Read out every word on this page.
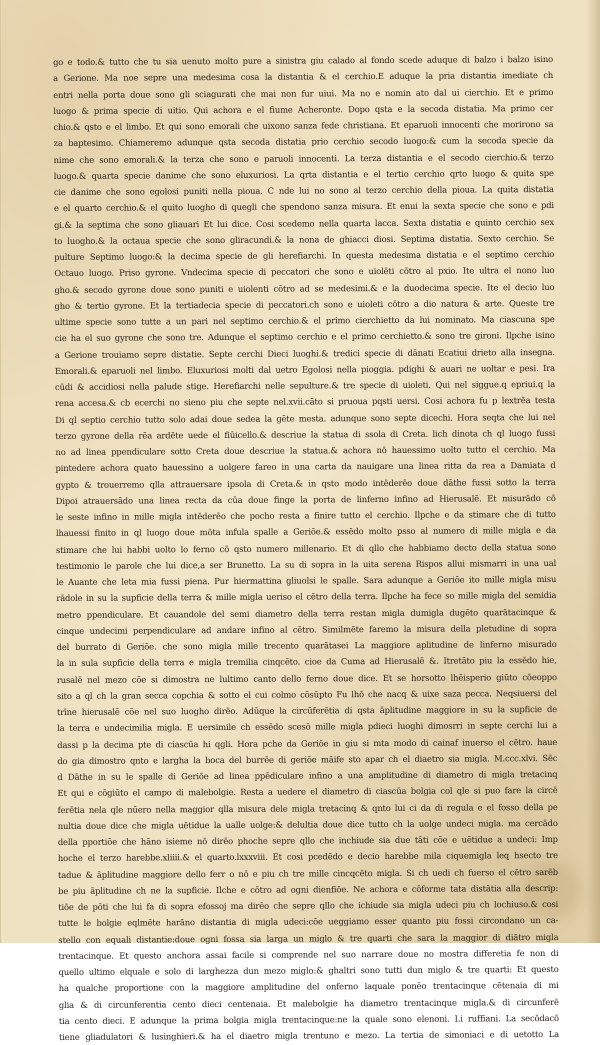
go e todo.& tutto che tu sia uenuto molto pure a sinistra giu calado al fondo scede aduque di balzo i balzo isino
a Gerione. Ma noe sepre una medesima cosa la distantia & el cerchio.E aduque la pria distantia imediate ch
entri nella porta doue sono gli sciagurati che mai non fur uiui. Ma no e nomin ato dal ui cierchio. Et e primo
luogo & prima specie di uitio. Qui achora e el fiume Acheronte. Dopo qsta e la secoda distatia. Ma primo cer
chio.& qsto e el limbo. Et qui sono emorali che uixono sanza fede christiana. Et eparuoli innocenti che morirono sa
za baptesimo. Chiameremo adunque qsta secoda distatia prio cerchio secodo luogo:& cum la secoda specie da
nime che sono emorali.& la terza che sono e paruoli innocenti. La terza distantia e el secodo cierchio.& terzo
luogo.& quarta specie danime che sono eluxuriosi. La qrta distantia e el tertio cerchio qrto luogo & quita spe
cie danime che sono egolosi puniti nella pioua. C nde lui no sono al terzo cerchio della pioua. La quita distatia
e el quarto cerchio.& el quito luogho di quegli che spendono sanza misura. Et enui la sexta specie che sono e pdi
gi.& la septima che sono gliauari Et lui dice. Cosi scedemo nella quarta lacca. Sexta distatia e quinto cerchio sex
to luogho.& la octaua specie che sono gliracundi.& la nona de ghiacci diosi. Septima distatia. Sexto cerchio. Se
pulture Septimo luogo:& la decima specie de gli herefiarchi. In questa medesima distatia e el septimo cerchio
Octauo luogo. Priso gyrone. Vndecima specie di peccatori che sono e uiolēti cōtro al pxio. Ite ultra el nono luo
gho.& secodo gyrone doue sono puniti e uiolenti cōtro ad se medesimi.& e la duodecima specie. Ite el decio luo
gho & tertio gyrone. Et la tertiadecia specie di peccatori.ch sono e uioleti cōtro a dio natura & arte. Queste tre
ultime specie sono tutte a un pari nel septimo cerchio.& el primo cierchietto da lui nominato. Ma ciascuna spe
cie ha el suo gyrone che sono tre. Adunque el septimo cerchio e el primo cerchietto.& sono tre gironi. Ilpche isino
a Gerione trouiamo sepre distatie. Septe cerchi Dieci luoghi.& tredici specie di dānati Ecatiui drieto alla insegna.
Emorali.& eparuoli nel limbo. Eluxuriosi molti dal uetro Egolosi nella pioggia. pdighi & auari ne uoltar e pesi. Ira
cūdi & accidiosi nella palude stige. Herefiarchi nelle sepulture.& tre specie di uioleti. Qui nel siggue.q epriui.q la
rena accesa.& cb ecerchi no sieno piu che septe nel.xvii.cāto si pruoua pqsti uersi. Cosi achora fu p lextrēa testa
Di ql septio cerchio tutto solo adai doue sedea la gēte mesta. adunque sono septe dicechi. Hora seqta che lui nel
terzo gyrone della rēa ardēte uede el fiūicello.& descriue la statua di ssola di Creta. lich dinota ch ql luogo fussi
no ad linea ppendiculare sotto Creta doue descriue la statua.& achora nō hauessimo uolto tutto el cerchio. Ma
pintedere achora quato hauessino a uolgere fareo in una carta da nauigare una linea ritta da rea a Damiata d
gypto & trouerremo qlla attrauersare ipsola di Creta.& in qsto modo intēderēo doue dāthe fussi sotto la terra
Dipoi atrauersādo una linea recta da cūa doue finge la porta de linferno infino ad Hierusalē. Et misurādo cō
le seste infino in mille migla intēderēo che pocho resta a finire tutto el cerchio. Ilpche e da stimare che di tutto
lhauessi finito in ql luogo doue mōta infula spalle a Geriōe.& essēdo molto psso al numero di mille migla e da
stimare che lui habbi uolto lo ferno cō qsto numero millenario. Et di qllo che habbiamo decto della statua sono
testimonio le parole che lui dice,a ser Brunetto. La su di sopra in la uita serena Rispos allui mismarri in una ual
le Auante che leta mia fussi piena. Pur hiermattina gliuolsi le spalle. Sara adunque a Geriōe ito mille migla misu
rādole in su la supficie della terra & mille migla ueriso el cētro della terra. Ilpche ha fece so mille migla del semidia
metro ppendiculare. Et cauandole del semi diametro della terra restan migla dumigla dugēto quarātacinque &
cinque undecimi perpendiculare ad andare infino al cētro. Similmēte faremo la misura della pletudine di sopra
del burrato di Geriōe. che sono migla mille trecento quarātasei La maggiore aplitudine de linferno misurado
la in sula supficie della terra e migla tremilia cinqcēto. cioe da Cuma ad Hierusalē &. Itretāto piu la essēdo hie,
rusalē nel mezo cōe si dimostra ne lultimo canto dello ferno doue dice. Et se horsotto lhēisperio giūto cōeoppo
sito a ql ch la gran secca copchia & sotto el cui colmo cōsūpto Fu lhō che nacq & uixe saza pecca. Neqsiuersi del
trīne hierusalē cōe nel suo luogho dirēo. Adūque la circūferētia di qsta āplitudine maggiore in su la supficie de
la terra e undecimilia migla. E uersimile ch essēdo scesō mille migla pdieci luoghi dimosrri in septe cerchi lui a
dassi p la decima pte di ciascūa hi qgli. Hora pche da Geriōe in giu si mta modo di cainaf inuerso el cētro. haue
do gia dimostro qnto e largha la boca del burrēe di geriōe māife sto apar ch el diaetro sia migla. M.ccc.xlvi. Sēc
d Dāthe in su le spalle di Geriōe ad linea ppēdiculare infino a una amplitudine di diametro di migla tretacinq
Et qui e cōgiūto el campo di malebolgie. Resta a uedere el diametro di ciascūa bolgia col qle si puo fare la circē
ferētia nela qle nūero nella maggior qlla misura dele migla tretacinq & qnto lui ci da di regula e el fosso della pe
nultia doue dice che migla uētidue la ualle uolge:& delultia doue dice tutto ch la uolge undeci migla. ma cercādo
della pportiōe che hāno isieme nō dirēo phoche sepre qllo che inchiude sia due tāti cōe e uētidue a undeci: Imp
hoche el terzo harebbe.xliiii.& el quarto.lxxxviii. Et cosi pcedēdo e decio harebbe mila ciquemigla leq hsecto tre
tadue & āplitudine maggiore dello ferr o nō e piu ch tre mille cincqcēto migla. Si ch uedi ch fuerso el cētro sarēb
be piu āplitudine ch ne la supficie. Ilche e cōtro ad ogni dienfiōe. Ne achora e cōforme tata distātia alla descrip:
tiōe de pōti che lui fa di sopra efossoj ma dirēo che sepre qllo che ichiude sia migla udeci piu ch lochiuso.& cosi
tutte le bolgie eqlmēte harāno distantia di migla udeci:cōe ueggiamo esser quanto piu fossi circondano un ca-
stello con equali distantie:doue ogni fossa sia larga un miglo & tre quarti che sara la maggior di diātro migla
trentacinque. Et questo anchora assai facile si comprende nel suo narrare doue no mostra differetia fe non di
quello ultimo elquale e solo di larghezza dun mezo miglo:& ghaltri sono tutti dun miglo & tre quarti: Et questo
ha qualche proportione con la maggiore amplitudine del onferno laquale ponēo trentacinque cētenaia di mi
glia & di circunferentia cento dieci centenaia. Et malebolgie ha diametro trentacinque migla.& di circunferē
tia cento dieci. E adunque la prima bolgia migla trentacinque:ne la quale sono elenoni. I.i ruffiani. La secōdacō
tiene gliadulatori & lusinghieri.& ha el diaetro migla trentuno e mezo. La tertia de simoniaci e di uetotto La
